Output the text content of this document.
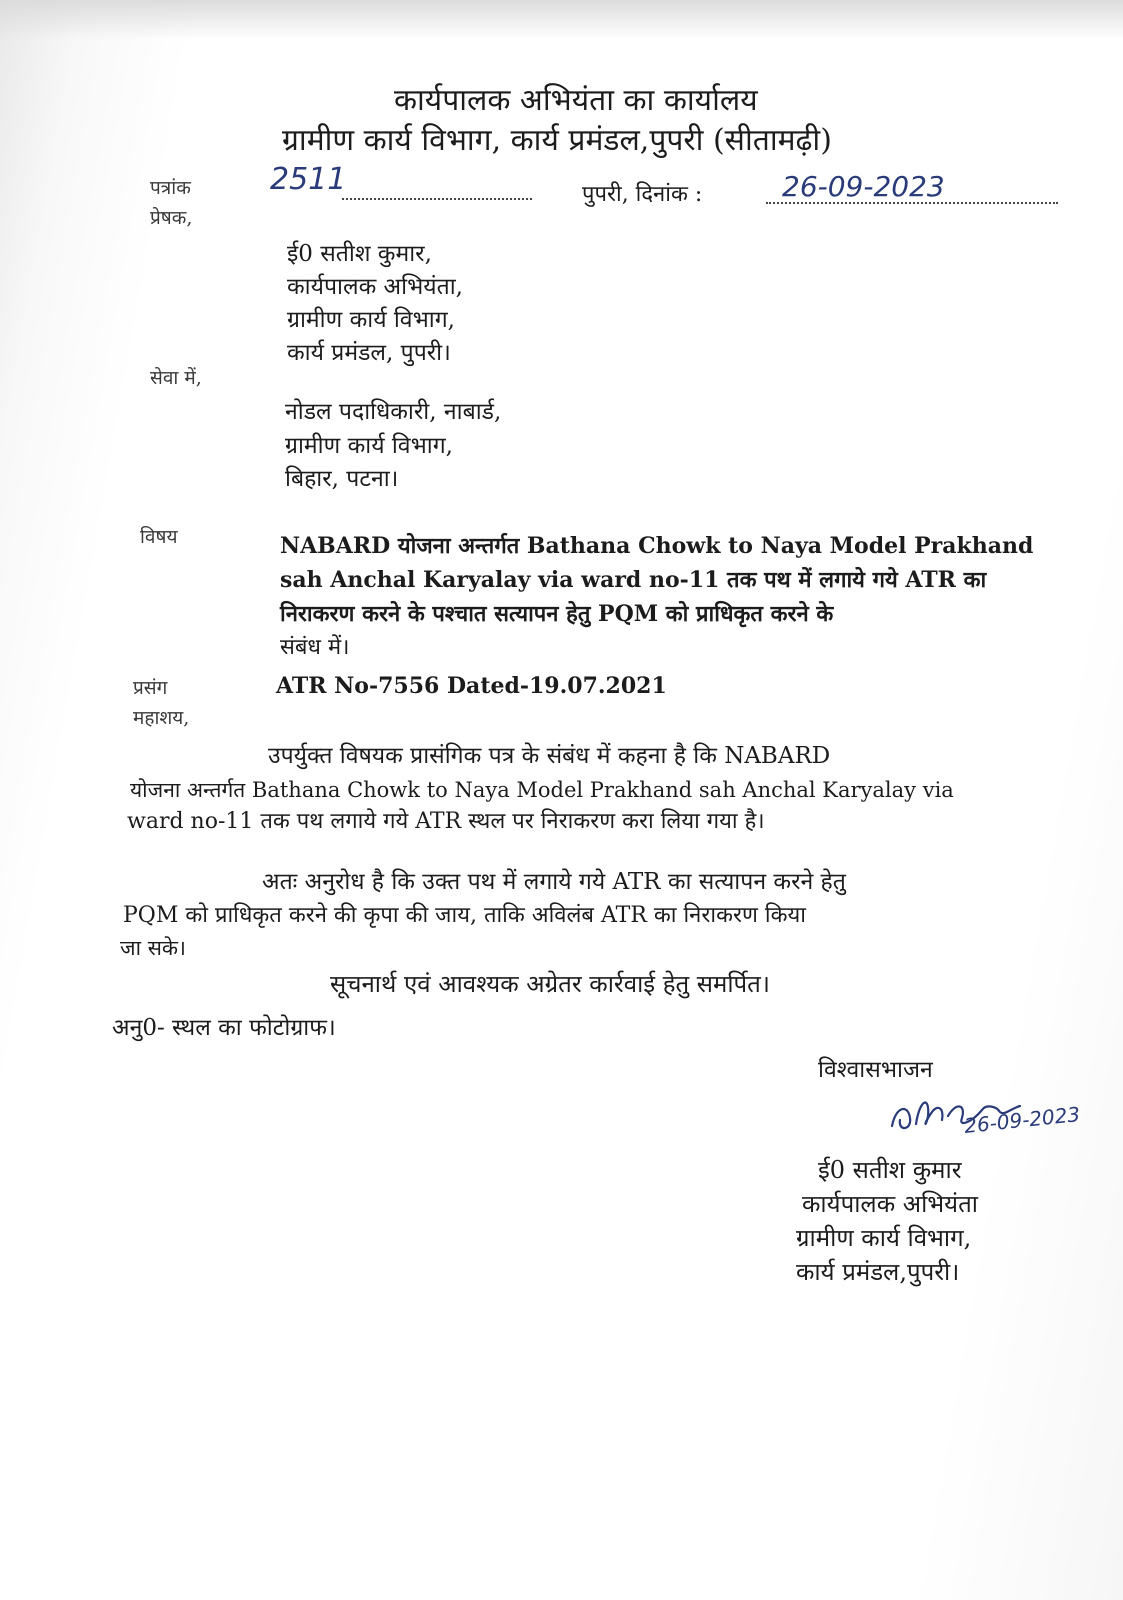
कार्यपालक अभियंता का कार्यालय
ग्रामीण कार्य विभाग, कार्य प्रमंडल,पुपरी (सीतामढ़ी)
पत्रांक	2511	पुपरी, दिनांक :	26-09-2023
प्रेषक,
ई0 सतीश कुमार,
कार्यपालक अभियंता,
ग्रामीण कार्य विभाग,
कार्य प्रमंडल, पुपरी।
सेवा में,
नोडल पदाधिकारी, नाबार्ड,
ग्रामीण कार्य विभाग,
बिहार, पटना।
विषय	NABARD योजना अन्तर्गत Bathana Chowk to Naya Model Prakhand
sah Anchal Karyalay via ward no-11 तक पथ में लगाये गये ATR का
निराकरण करने के पश्चात सत्यापन हेतु PQM को प्राधिकृत करने के
संबंध में।
प्रसंग	ATR No-7556 Dated-19.07.2021
महाशय,
उपर्युक्त विषयक प्रासंगिक पत्र के संबंध में कहना है कि NABARD
योजना अन्तर्गत Bathana Chowk to Naya Model Prakhand sah Anchal Karyalay via
ward no-11 तक पथ लगाये गये ATR स्थल पर निराकरण करा लिया गया है।
अतः अनुरोध है कि उक्त पथ में लगाये गये ATR का सत्यापन करने हेतु
PQM को प्राधिकृत करने की कृपा की जाय, ताकि अविलंब ATR का निराकरण किया
जा सके।
सूचनार्थ एवं आवश्यक अग्रेतर कार्रवाई हेतु समर्पित।
अनु0- स्थल का फोटोग्राफ।
विश्वासभाजन
26-09-2023
ई0 सतीश कुमार
कार्यपालक अभियंता
ग्रामीण कार्य विभाग,
कार्य प्रमंडल,पुपरी।
